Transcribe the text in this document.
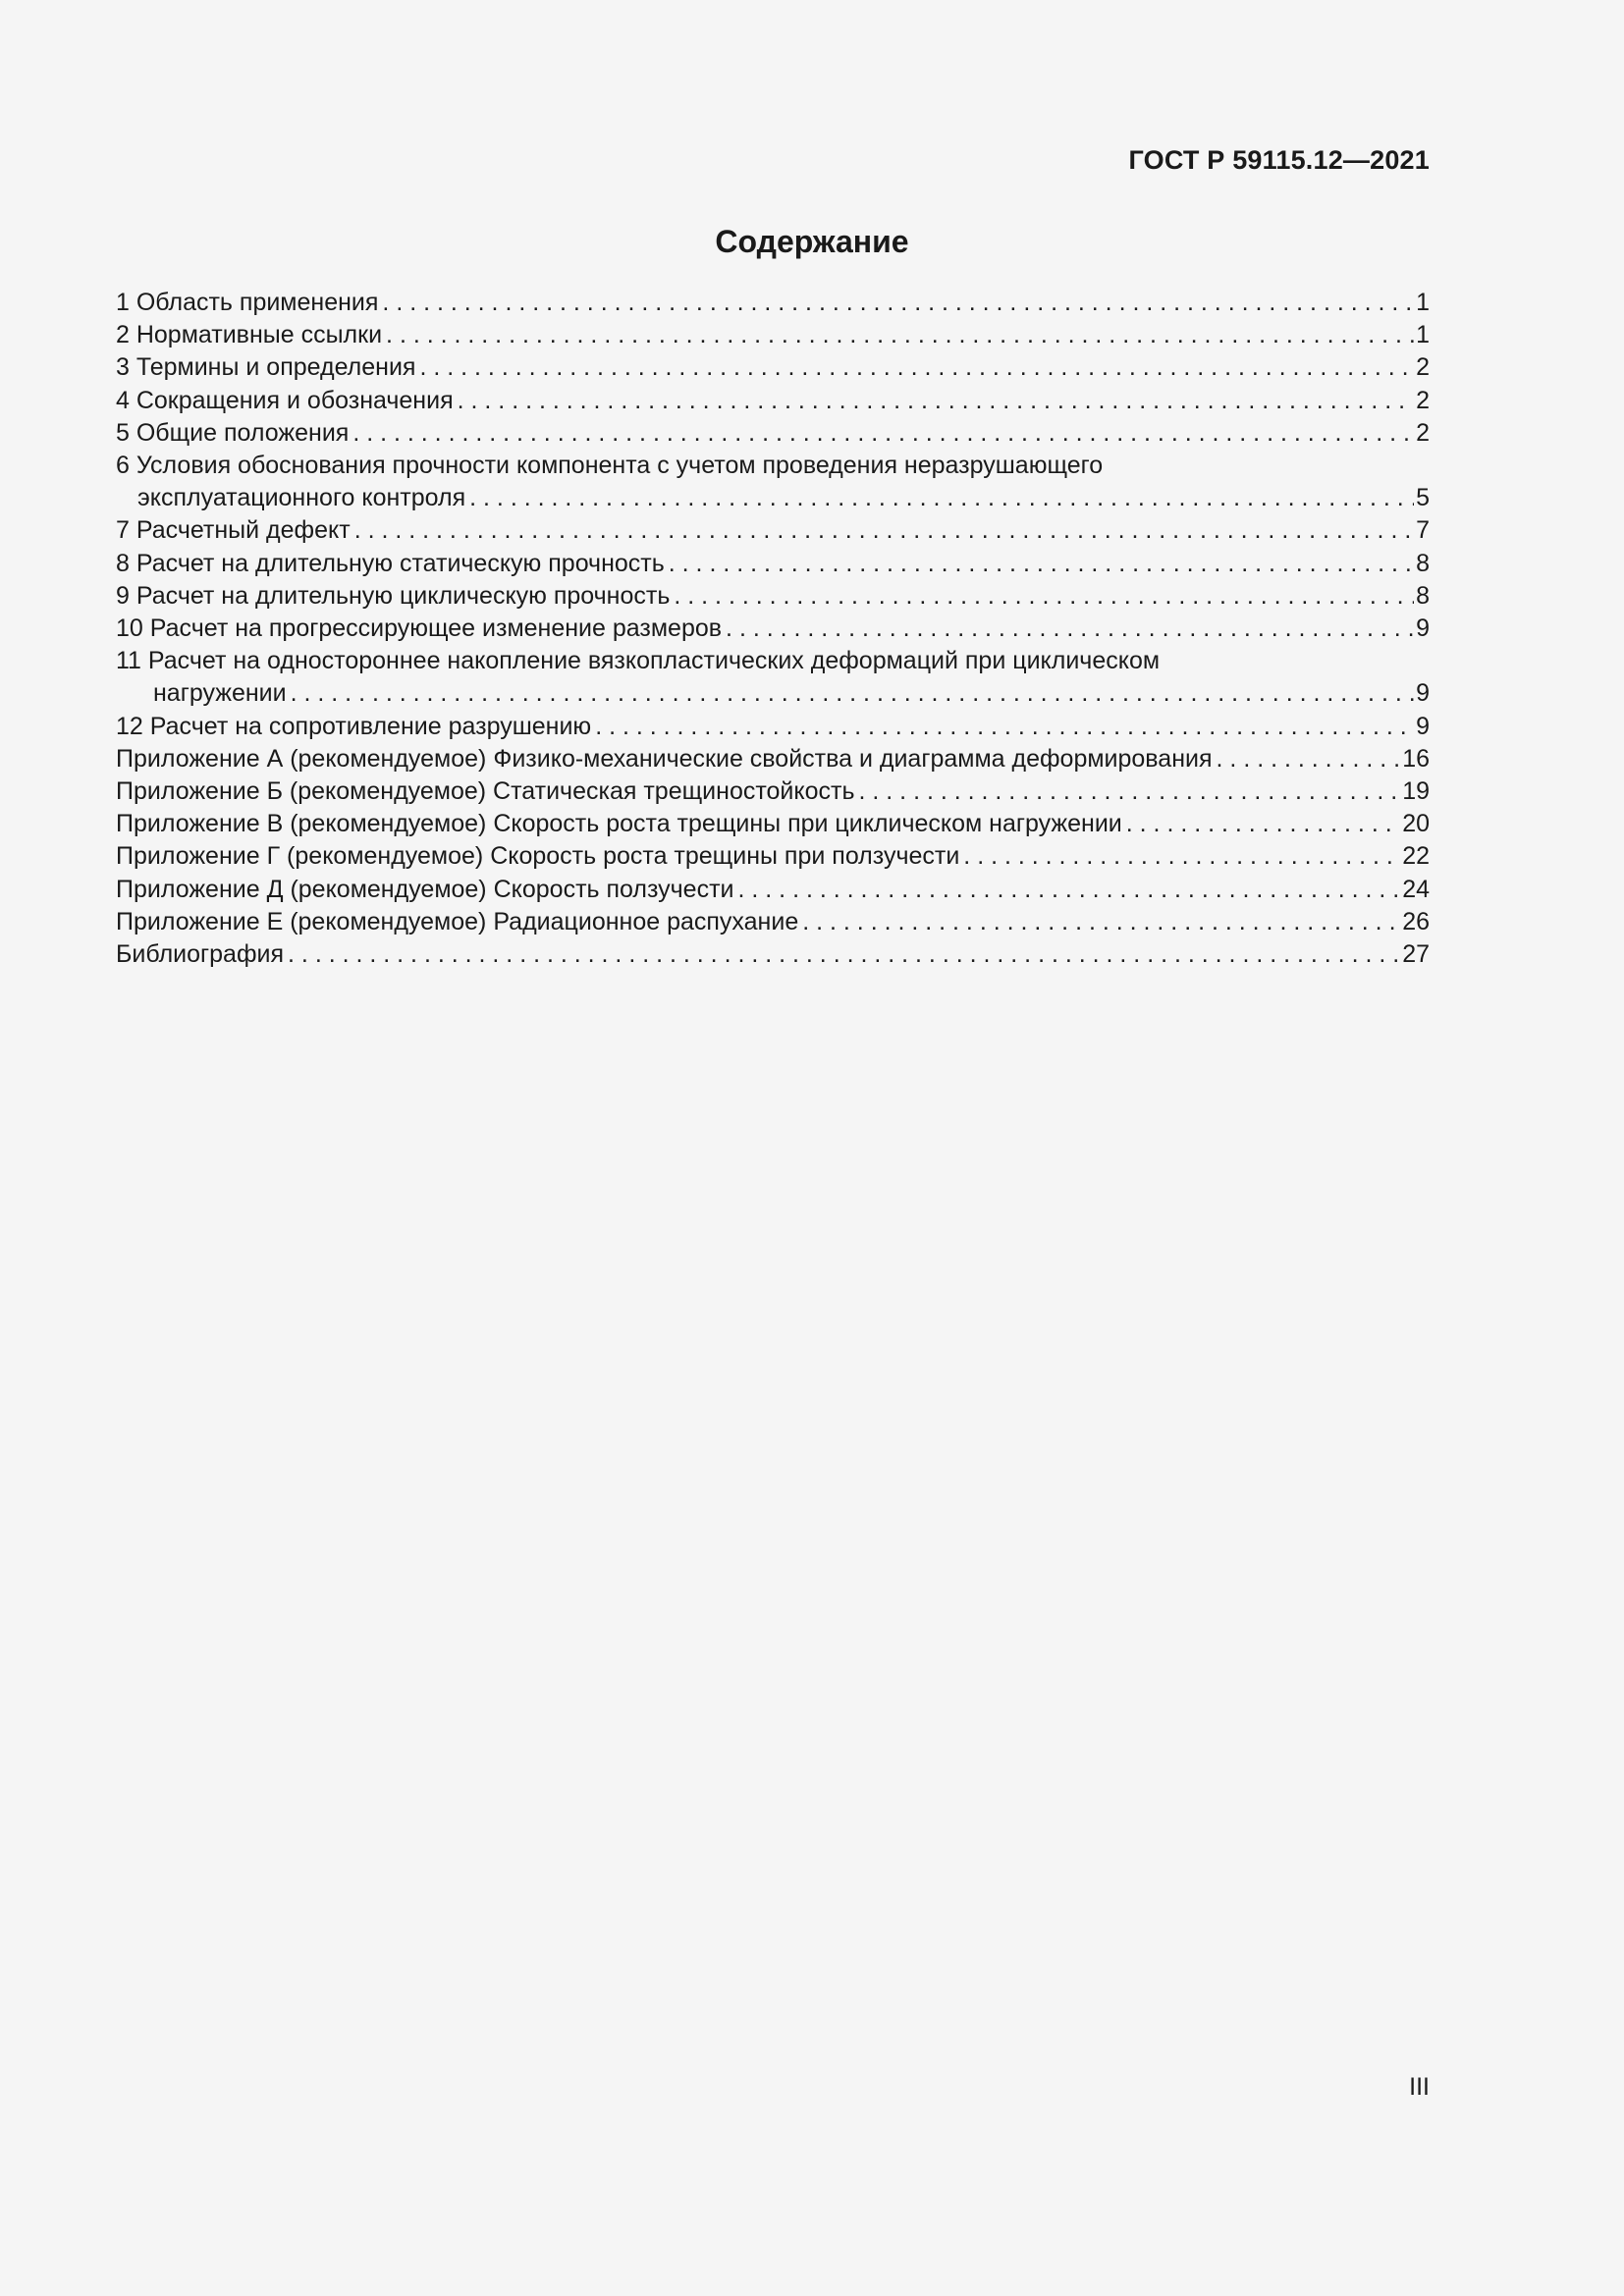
ГОСТ Р 59115.12—2021
Содержание
1 Область применения . . .	1
2 Нормативные ссылки . . .	1
3 Термины и определения . . .	2
4 Сокращения и обозначения . . .	2
5 Общие положения . . .	2
6 Условия обоснования прочности компонента с учетом проведения неразрушающего
эксплуатационного контроля . . .	5
7 Расчетный дефект . . .	7
8 Расчет на длительную статическую прочность . . .	8
9 Расчет на длительную циклическую прочность . . .	8
10 Расчет на прогрессирующее изменение размеров . . .	9
11 Расчет на одностороннее накопление вязкопластических деформаций при циклическом
нагружении . . .	9
12 Расчет на сопротивление разрушению . . .	9
Приложение А (рекомендуемое) Физико-механические свойства и диаграмма деформирования . . .	16
Приложение Б (рекомендуемое) Статическая трещиностойкость . . .	19
Приложение В (рекомендуемое) Скорость роста трещины при циклическом нагружении . . .	20
Приложение Г (рекомендуемое) Скорость роста трещины при ползучести . . .	22
Приложение Д (рекомендуемое) Скорость ползучести . . .	24
Приложение Е (рекомендуемое) Радиационное распухание . . .	26
Библиография . . .	27
III
